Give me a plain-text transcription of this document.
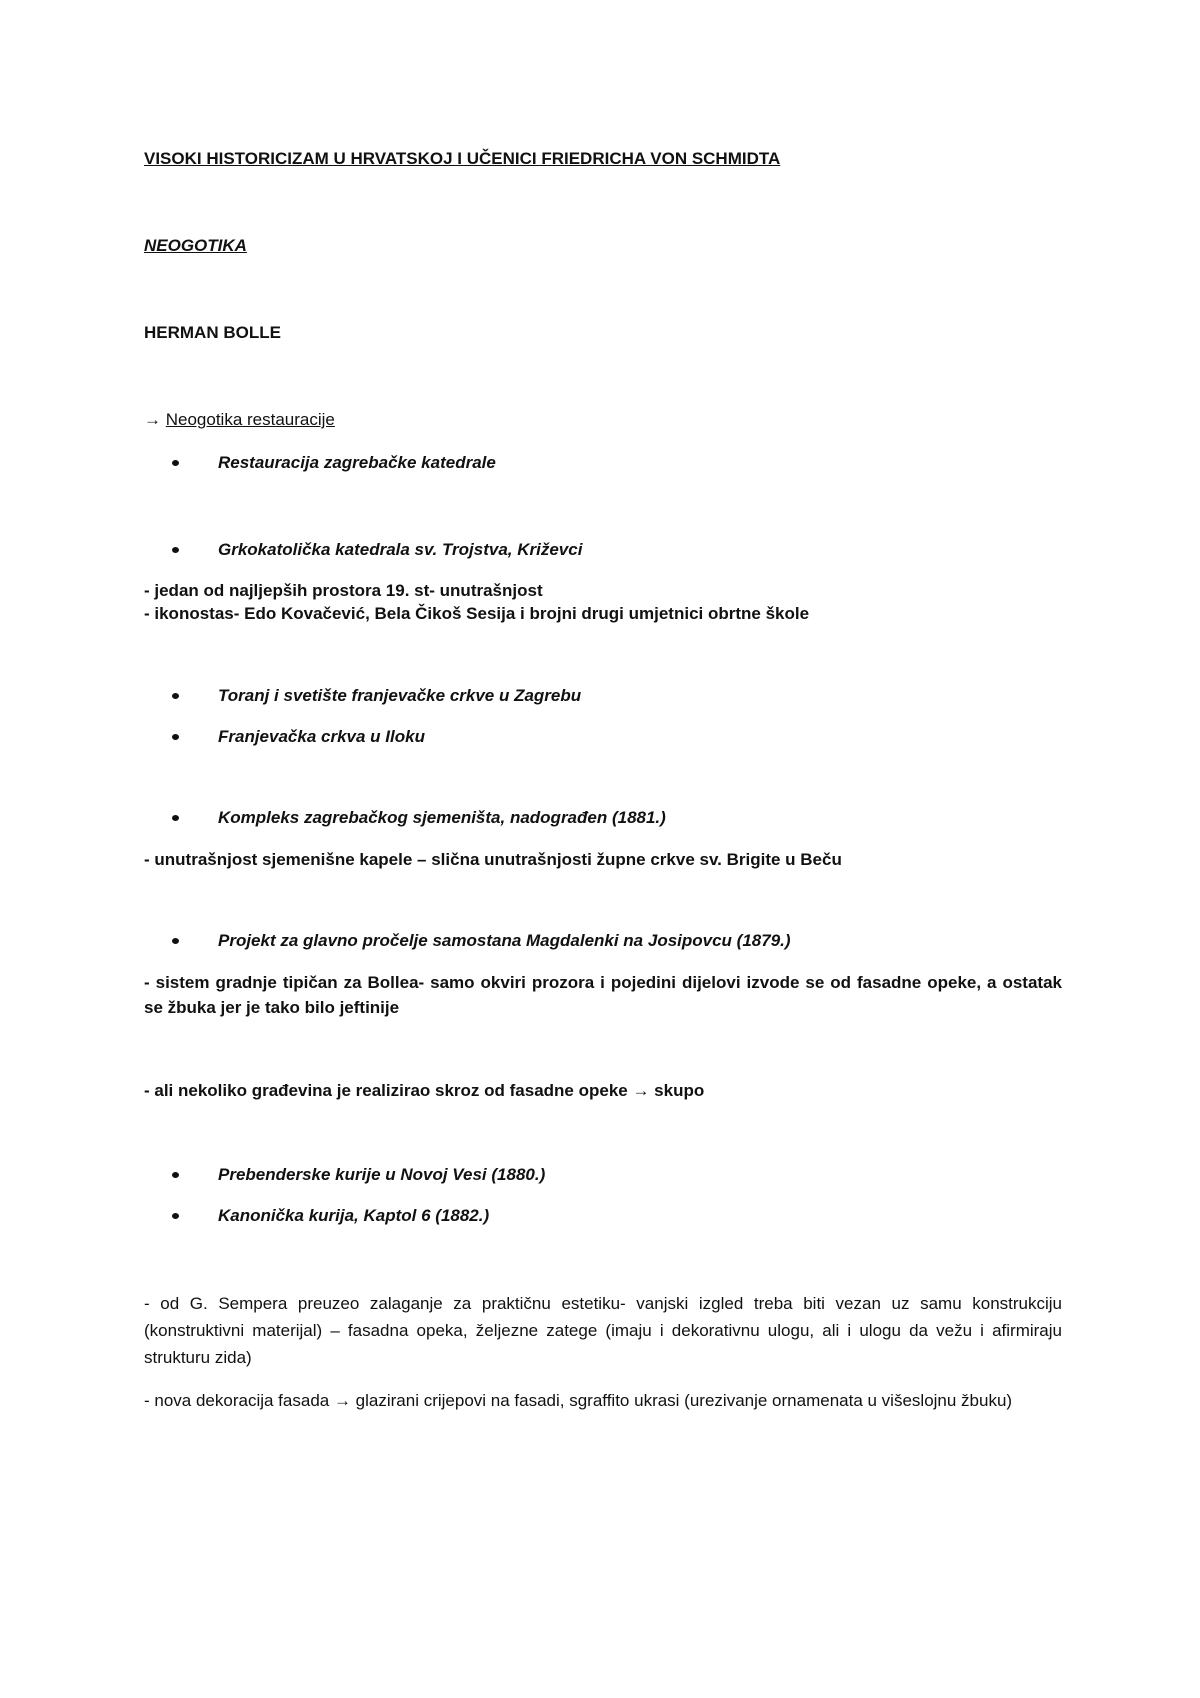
VISOKI HISTORICIZAM U HRVATSKOJ I UČENICI FRIEDRICHA VON SCHMIDTA
NEOGOTIKA
HERMAN BOLLE
→ Neogotika restauracije
Restauracija zagrebačke katedrale
Grkokatolička katedrala sv. Trojstva, Križevci
- jedan od najljepših prostora 19. st- unutrašnjost
- ikonostas- Edo Kovačević, Bela Čikoš Sesija i brojni drugi umjetnici obrtne škole
Toranj i svetište franjevačke crkve u Zagrebu
Franjevačka crkva u Iloku
Kompleks zagrebačkog sjemeništa, nadograđen (1881.)
- unutrašnjost sjemenišne kapele – slična unutrašnjosti župne crkve sv. Brigite u Beču
Projekt za glavno pročelje samostana Magdalenki na Josipovcu (1879.)
- sistem gradnje tipičan za Bollea- samo okviri prozora i pojedini dijelovi izvode se od fasadne opeke, a ostatak se žbuka jer je tako bilo jeftinije
- ali nekoliko građevina je realizirao skroz od fasadne opeke → skupo
Prebenderske kurije u Novoj Vesi (1880.)
Kanonička kurija, Kaptol 6 (1882.)
- od G. Sempera preuzeo zalaganje za praktičnu estetiku- vanjski izgled treba biti vezan uz samu konstrukciju (konstruktivni materijal) – fasadna opeka, željezne zatege (imaju i dekorativnu ulogu, ali i ulogu da vežu i afirmiraju strukturu zida)
- nova dekoracija fasada → glazirani crijepovi na fasadi, sgraffito ukrasi (urezivanje ornamenata u višeslojnu žbuku)
